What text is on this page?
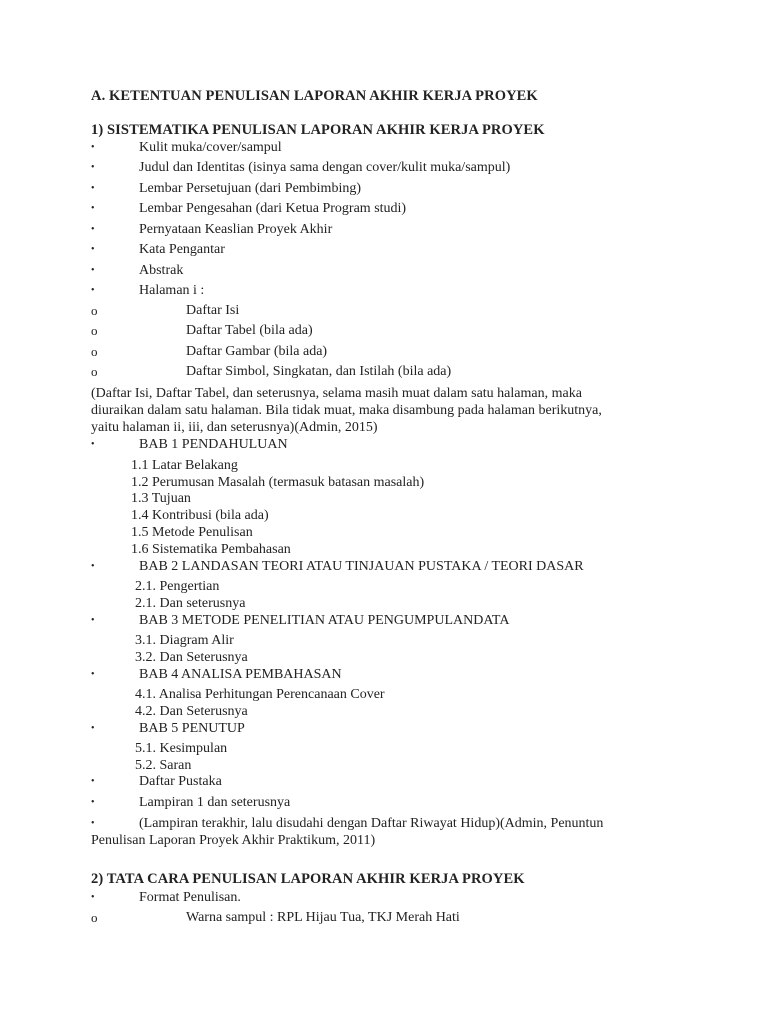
A. KETENTUAN PENULISAN LAPORAN AKHIR KERJA PROYEK
1) SISTEMATIKA PENULISAN LAPORAN AKHIR KERJA PROYEK
•	Kulit muka/cover/sampul
•	Judul dan Identitas (isinya sama dengan cover/kulit muka/sampul)
•	Lembar Persetujuan (dari Pembimbing)
•	Lembar Pengesahan (dari Ketua Program studi)
•	Pernyataan Keaslian Proyek Akhir
•	Kata Pengantar
•	Abstrak
•	Halaman i :
o	Daftar Isi
o	Daftar Tabel (bila ada)
o	Daftar Gambar (bila ada)
o	Daftar Simbol, Singkatan, dan Istilah (bila ada)
(Daftar Isi, Daftar Tabel, dan seterusnya, selama masih muat dalam satu halaman, maka
diuraikan dalam satu halaman. Bila tidak muat, maka disambung pada halaman berikutnya,
yaitu halaman ii, iii, dan seterusnya)(Admin, 2015)
•	BAB 1 PENDAHULUAN
1.1 Latar Belakang
1.2 Perumusan Masalah (termasuk batasan masalah)
1.3 Tujuan
1.4 Kontribusi (bila ada)
1.5 Metode Penulisan
1.6 Sistematika Pembahasan
•	BAB 2 LANDASAN TEORI ATAU TINJAUAN PUSTAKA / TEORI DASAR
2.1. Pengertian
2.1. Dan seterusnya
•	BAB 3 METODE PENELITIAN ATAU PENGUMPULANDATA
3.1. Diagram Alir
3.2. Dan Seterusnya
•	BAB 4 ANALISA PEMBAHASAN
4.1. Analisa Perhitungan Perencanaan Cover
4.2. Dan Seterusnya
•	BAB 5 PENUTUP
5.1. Kesimpulan
5.2. Saran
•	Daftar Pustaka
•	Lampiran 1 dan seterusnya
•	(Lampiran terakhir, lalu disudahi dengan Daftar Riwayat Hidup)(Admin, Penuntun
Penulisan Laporan Proyek Akhir Praktikum, 2011)
2) TATA CARA PENULISAN LAPORAN AKHIR KERJA PROYEK
•	Format Penulisan.
o	Warna sampul : RPL Hijau Tua, TKJ Merah Hati
